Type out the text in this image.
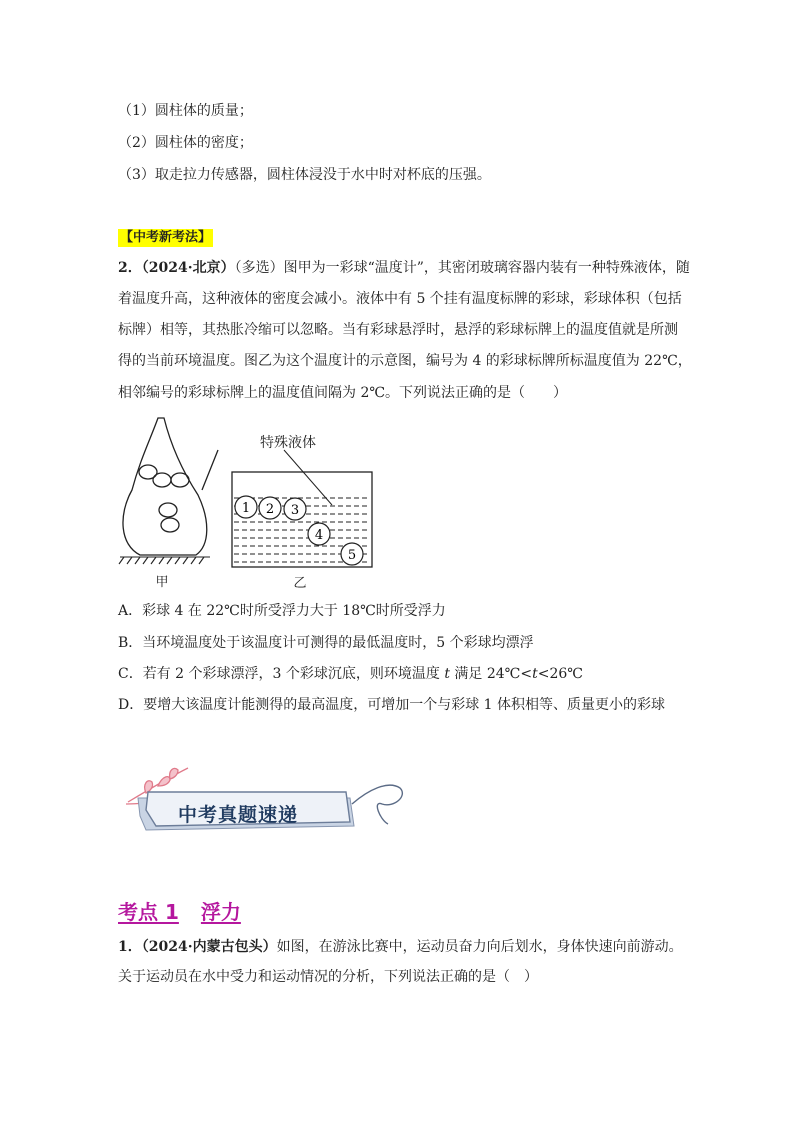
（1）圆柱体的质量；
（2）圆柱体的密度；
（3）取走拉力传感器，圆柱体浸没于水中时对杯底的压强。
【中考新考法】
2．（2024·北京）（多选）图甲为一彩球“温度计”，其密闭玻璃容器内装有一种特殊液体，随
着温度升高，这种液体的密度会减小。液体中有 5 个挂有温度标牌的彩球，彩球体积（包括
标牌）相等，其热胀冷缩可以忽略。当有彩球悬浮时，悬浮的彩球标牌上的温度值就是所测
得的当前环境温度。图乙为这个温度计的示意图，编号为 4 的彩球标牌所标温度值为 22℃，
相邻编号的彩球标牌上的温度值间隔为 2℃。下列说法正确的是（　　）
甲
1 2 3
4
5
特殊液体
乙
A．彩球 4 在 22℃时所受浮力大于 18℃时所受浮力
B．当环境温度处于该温度计可测得的最低温度时，5 个彩球均漂浮
C．若有 2 个彩球漂浮，3 个彩球沉底，则环境温度 t 满足 24℃<t<26℃
D．要增大该温度计能测得的最高温度，可增加一个与彩球 1 体积相等、质量更小的彩球
中考真题速递
考点 1 浮力
1．（2024·内蒙古包头）如图，在游泳比赛中，运动员奋力向后划水，身体快速向前游动。
关于运动员在水中受力和运动情况的分析，下列说法正确的是（　）
